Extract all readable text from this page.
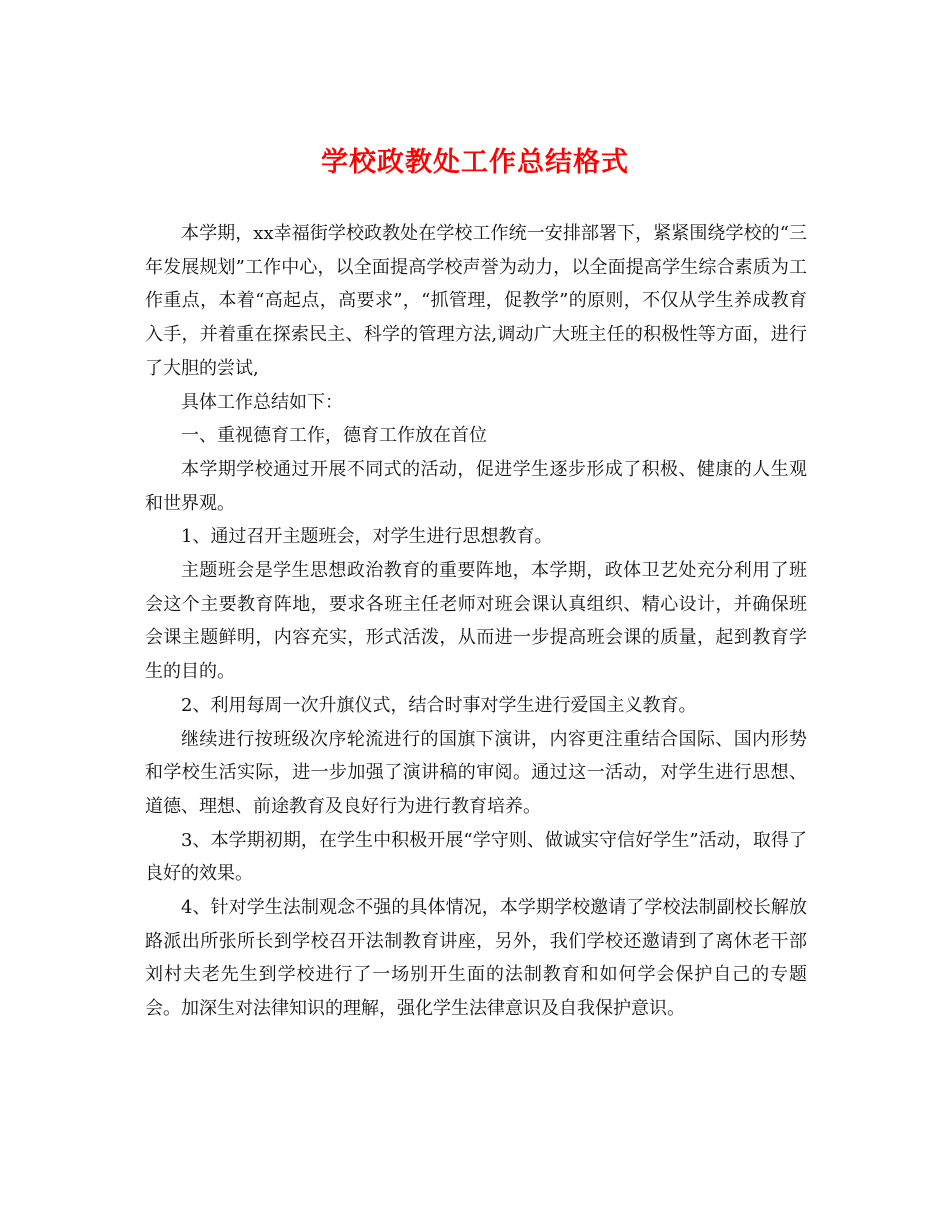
学校政教处工作总结格式

本学期，xx幸福街学校政教处在学校工作统一安排部署下，紧紧围绕学校的“三年发展规划”工作中心，以全面提高学校声誉为动力，以全面提高学生综合素质为工作重点，本着“高起点，高要求”，“抓管理，促教学”的原则，不仅从学生养成教育入手，并着重在探索民主、科学的管理方法,调动广大班主任的积极性等方面，进行了大胆的尝试,

具体工作总结如下：

一、重视德育工作，德育工作放在首位

本学期学校通过开展不同式的活动，促进学生逐步形成了积极、健康的人生观和世界观。

1、通过召开主题班会，对学生进行思想教育。

主题班会是学生思想政治教育的重要阵地，本学期，政体卫艺处充分利用了班会这个主要教育阵地，要求各班主任老师对班会课认真组织、精心设计，并确保班会课主题鲜明，内容充实，形式活泼，从而进一步提高班会课的质量，起到教育学生的目的。

2、利用每周一次升旗仪式，结合时事对学生进行爱国主义教育。

继续进行按班级次序轮流进行的国旗下演讲，内容更注重结合国际、国内形势和学校生活实际，进一步加强了演讲稿的审阅。通过这一活动，对学生进行思想、道德、理想、前途教育及良好行为进行教育培养。

3、本学期初期，在学生中积极开展“学守则、做诚实守信好学生”活动，取得了良好的效果。

4、针对学生法制观念不强的具体情况，本学期学校邀请了学校法制副校长解放路派出所张所长到学校召开法制教育讲座，另外，我们学校还邀请到了离休老干部刘村夫老先生到学校进行了一场别开生面的法制教育和如何学会保护自己的专题会。加深生对法律知识的理解，强化学生法律意识及自我保护意识。
